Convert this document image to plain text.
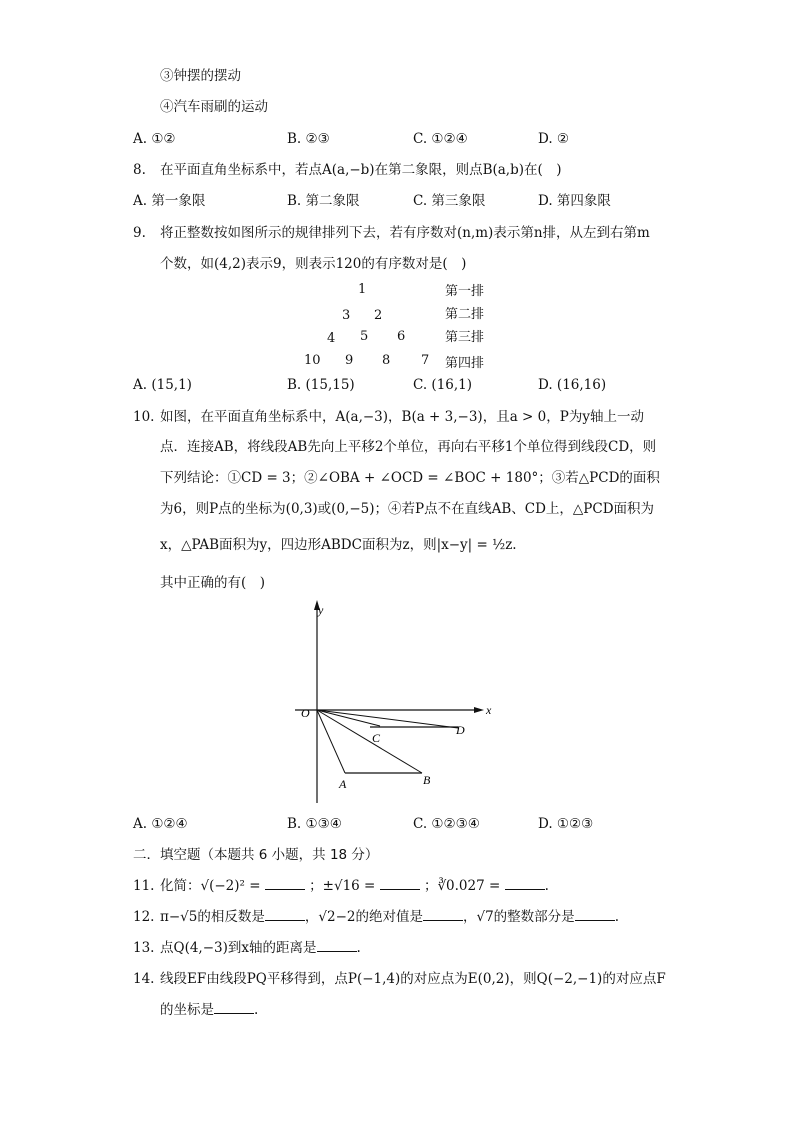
③钟摆的摆动
④汽车雨刷的运动
A. ①②	B. ②③	C. ①②④	D. ②
8. 在平面直角坐标系中，若点A(a,−b)在第二象限，则点B(a,b)在(　)
A. 第一象限	B. 第二象限	C. 第三象限	D. 第四象限
9. 将正整数按如图所示的规律排列下去，若有序数对(n,m)表示第n排，从左到右第m
个数，如(4,2)表示9，则表示120的有序数对是(　)
1
3 2
4 5 6
10 9 8 7
第一排
第二排
第三排
第四排
A. (15,1)	B. (15,15)	C. (16,1)	D. (16,16)
10. 如图，在平面直角坐标系中，A(a,−3)，B(a + 3,−3)，且a > 0，P为y轴上一动
点．连接AB，将线段AB先向上平移2个单位，再向右平移1个单位得到线段CD，则
下列结论：①CD = 3；②∠OBA + ∠OCD = ∠BOC + 180°；③若△PCD的面积
为6，则P点的坐标为(0,3)或(0,−5)；④若P点不在直线AB、CD上，△PCD面积为
x，△PAB面积为y，四边形ABDC面积为z，则|x−y| = ½z.
其中正确的有(　)
y
x
O
C
D
A	B
A. ①②④	B. ①③④	C. ①②③④	D. ①②③
二．填空题（本题共 6 小题，共 18 分）
11. 化简：√(−2)² =	；±√16 =	；∛0.027 =	.
12. π−√5的相反数是	，√2−2的绝对值是	，√7的整数部分是	.
13. 点Q(4,−3)到x轴的距离是	.
14. 线段EF由线段PQ平移得到，点P(−1,4)的对应点为E(0,2)，则Q(−2,−1)的对应点F
的坐标是	.
